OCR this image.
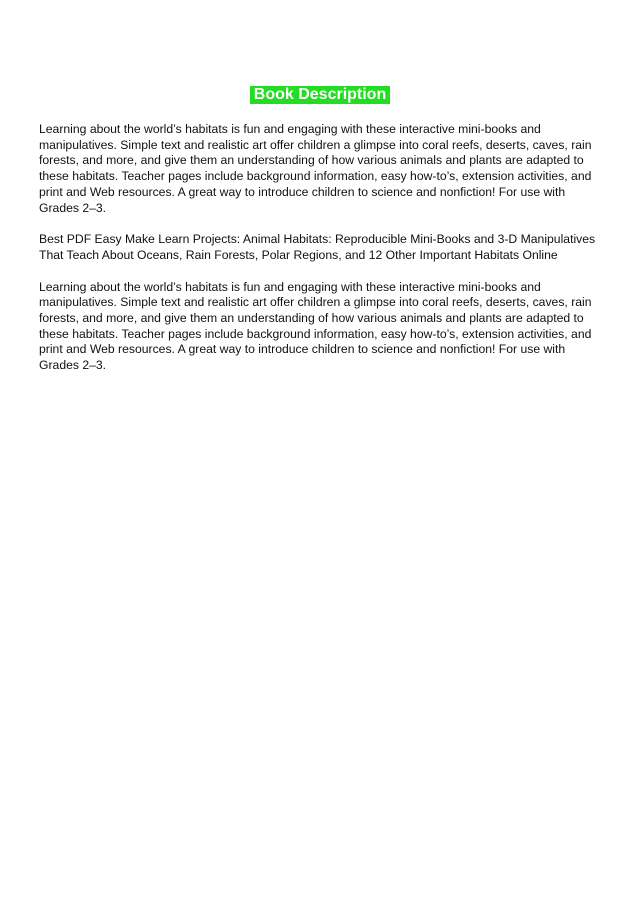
Book Description

Learning about the world’s habitats is fun and engaging with these interactive mini-books and manipulatives. Simple text and realistic art offer children a glimpse into coral reefs, deserts, caves, rain forests, and more, and give them an understanding of how various animals and plants are adapted to these habitats. Teacher pages include background information, easy how-to’s, extension activities, and print and Web resources. A great way to introduce children to science and nonfiction! For use with Grades 2–3.

Best PDF Easy Make Learn Projects: Animal Habitats: Reproducible Mini-Books and 3-D Manipulatives That Teach About Oceans, Rain Forests, Polar Regions, and 12 Other Important Habitats Online

Learning about the world’s habitats is fun and engaging with these interactive mini-books and manipulatives. Simple text and realistic art offer children a glimpse into coral reefs, deserts, caves, rain forests, and more, and give them an understanding of how various animals and plants are adapted to these habitats. Teacher pages include background information, easy how-to’s, extension activities, and print and Web resources. A great way to introduce children to science and nonfiction! For use with Grades 2–3.
